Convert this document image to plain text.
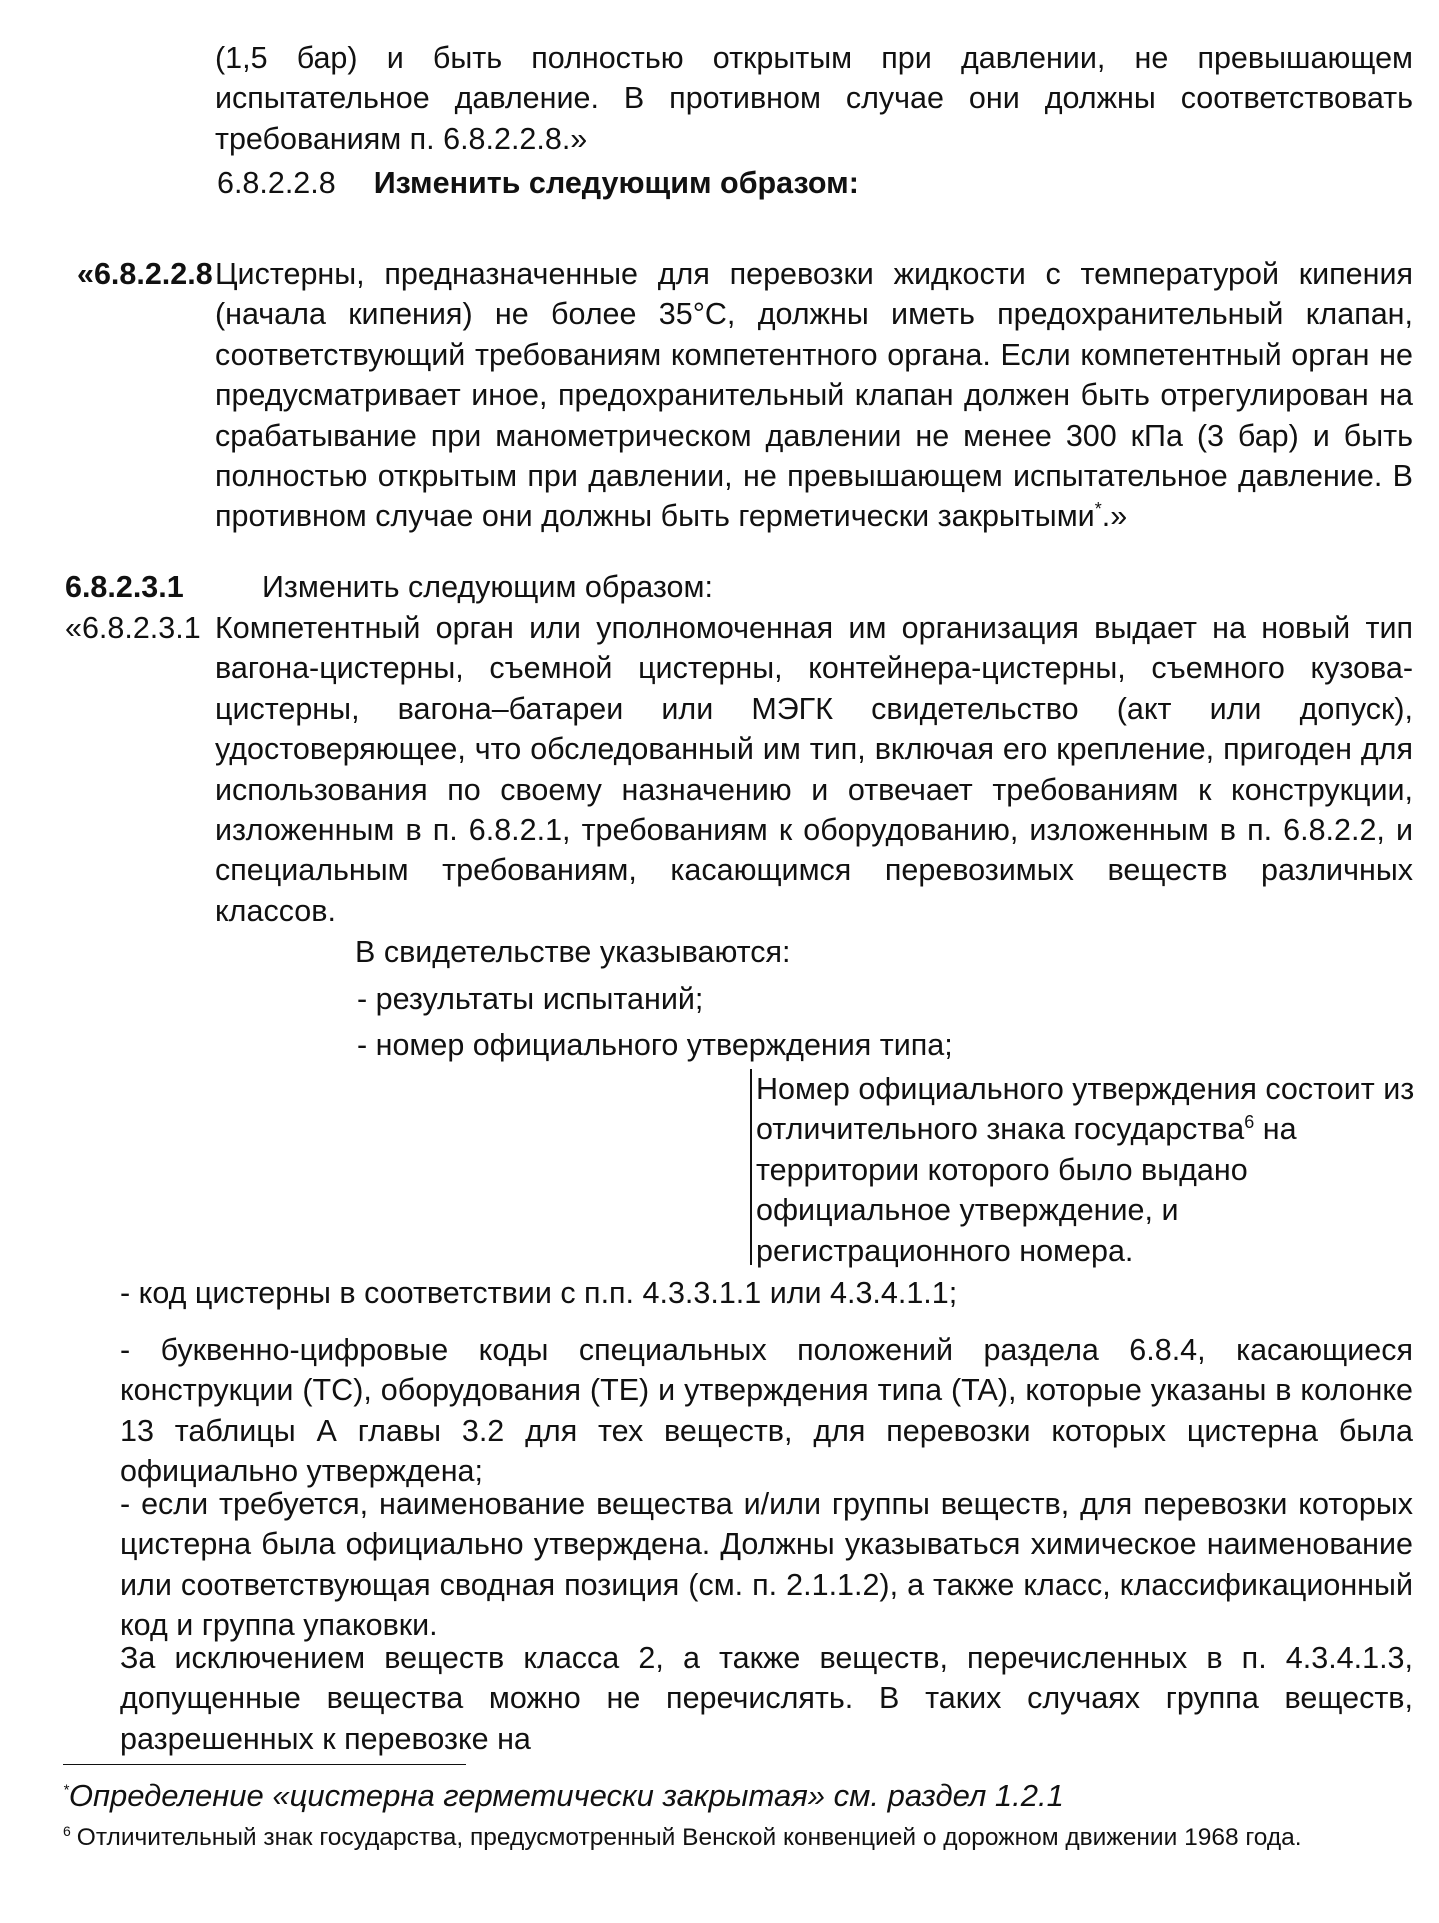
(1,5 бар) и быть полностью открытым при давлении, не превышающем испытательное давление. В противном случае они должны соответствовать требованиям п. 6.8.2.2.8.»

6.8.2.2.8 Изменить следующим образом:
«6.8.2.2.8 Цистерны, предназначенные для перевозки жидкости с температурой кипения (начала кипения) не более 35°C, должны иметь предохранительный клапан, соответствующий требованиям компетентного органа. Если компетентный орган не предусматривает иное, предохранительный клапан должен быть отрегулирован на срабатывание при манометрическом давлении не менее 300 кПа (3 бар) и быть полностью открытым при давлении, не превышающем испытательное давление. В противном случае они должны быть герметически закрытыми*.»

6.8.2.3.1	Изменить следующим образом:
«6.8.2.3.1 Компетентный орган или уполномоченная им организация выдает на новый тип вагона-цистерны, съемной цистерны, контейнера-цистерны, съемного кузова-цистерны, вагона–батареи или МЭГК свидетельство (акт или допуск), удостоверяющее, что обследованный им тип, включая его крепление, пригоден для использования по своему назначению и отвечает требованиям к конструкции, изложенным в п. 6.8.2.1, требованиям к оборудованию, изложенным в п. 6.8.2.2, и специальным требованиям, касающимся перевозимых веществ различных классов.

В свидетельстве указываются:
- результаты испытаний;
- номер официального утверждения типа;
Номер официального утверждения состоит из отличительного знака государства$^6$ на территории которого было выдано официальное утверждение, и регистрационного номера.
- код цистерны в соответствии с п.п. 4.3.3.1.1 или 4.3.4.1.1;

- буквенно-цифровые коды специальных положений раздела 6.8.4, касающиеся конструкции (ТС), оборудования (TE) и утверждения типа (TA), которые указаны в колонке 13 таблицы А главы 3.2 для тех веществ, для перевозки которых цистерна была официально утверждена;

- если требуется, наименование вещества и/или группы веществ, для перевозки которых цистерна была официально утверждена. Должны указываться химическое наименование или соответствующая сводная позиция (см. п. 2.1.1.2), а также класс, классификационный код и группа упаковки.

За исключением веществ класса 2, а также веществ, перечисленных в п. 4.3.4.1.3, допущенные вещества можно не перечислять. В таких случаях группа веществ, разрешенных к перевозке на

*Определение «цистерна герметически закрытая» см. раздел 1.2.1
$^6$ Отличительный знак государства, предусмотренный Венской конвенцией о дорожном движении 1968 года.
